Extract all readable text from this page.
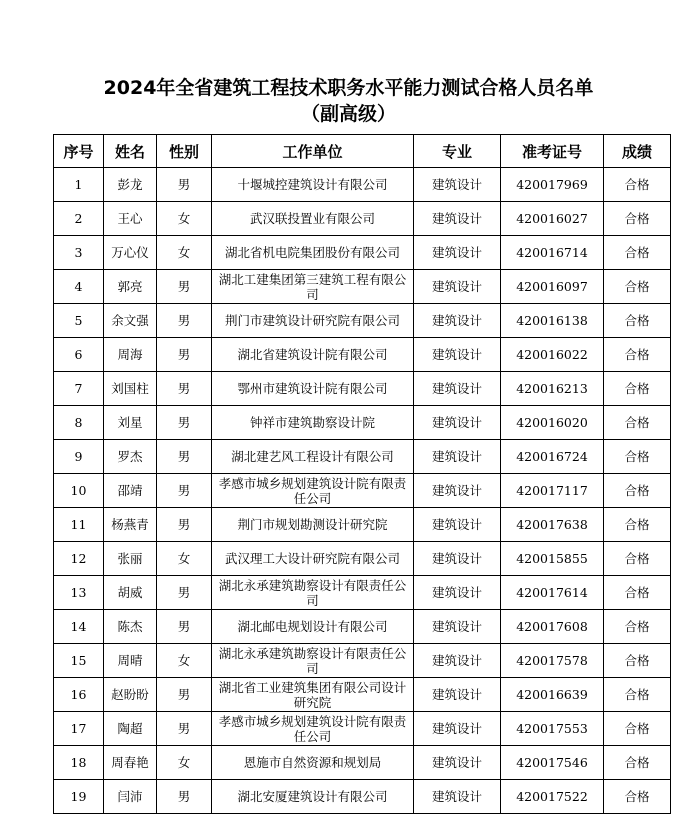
2024年全省建筑工程技术职务水平能力测试合格人员名单
（副高级）
序号	姓名	性别	工作单位	专业	准考证号	成绩
1	彭龙	男	十堰城控建筑设计有限公司	建筑设计	420017969	合格
2	王心	女	武汉联投置业有限公司	建筑设计	420016027	合格
3	万心仪	女	湖北省机电院集团股份有限公司	建筑设计	420016714	合格
4	郭亮	男	湖北工建集团第三建筑工程有限公司	建筑设计	420016097	合格
5	余文强	男	荆门市建筑设计研究院有限公司	建筑设计	420016138	合格
6	周海	男	湖北省建筑设计院有限公司	建筑设计	420016022	合格
7	刘国柱	男	鄂州市建筑设计院有限公司	建筑设计	420016213	合格
8	刘星	男	钟祥市建筑勘察设计院	建筑设计	420016020	合格
9	罗杰	男	湖北建艺风工程设计有限公司	建筑设计	420016724	合格
10	邵靖	男	孝感市城乡规划建筑设计院有限责任公司	建筑设计	420017117	合格
11	杨燕青	男	荆门市规划勘测设计研究院	建筑设计	420017638	合格
12	张丽	女	武汉理工大设计研究院有限公司	建筑设计	420015855	合格
13	胡威	男	湖北永承建筑勘察设计有限责任公司	建筑设计	420017614	合格
14	陈杰	男	湖北邮电规划设计有限公司	建筑设计	420017608	合格
15	周晴	女	湖北永承建筑勘察设计有限责任公司	建筑设计	420017578	合格
16	赵盼盼	男	湖北省工业建筑集团有限公司设计研究院	建筑设计	420016639	合格
17	陶超	男	孝感市城乡规划建筑设计院有限责任公司	建筑设计	420017553	合格
18	周春艳	女	恩施市自然资源和规划局	建筑设计	420017546	合格
19	闫沛	男	湖北安厦建筑设计有限公司	建筑设计	420017522	合格
